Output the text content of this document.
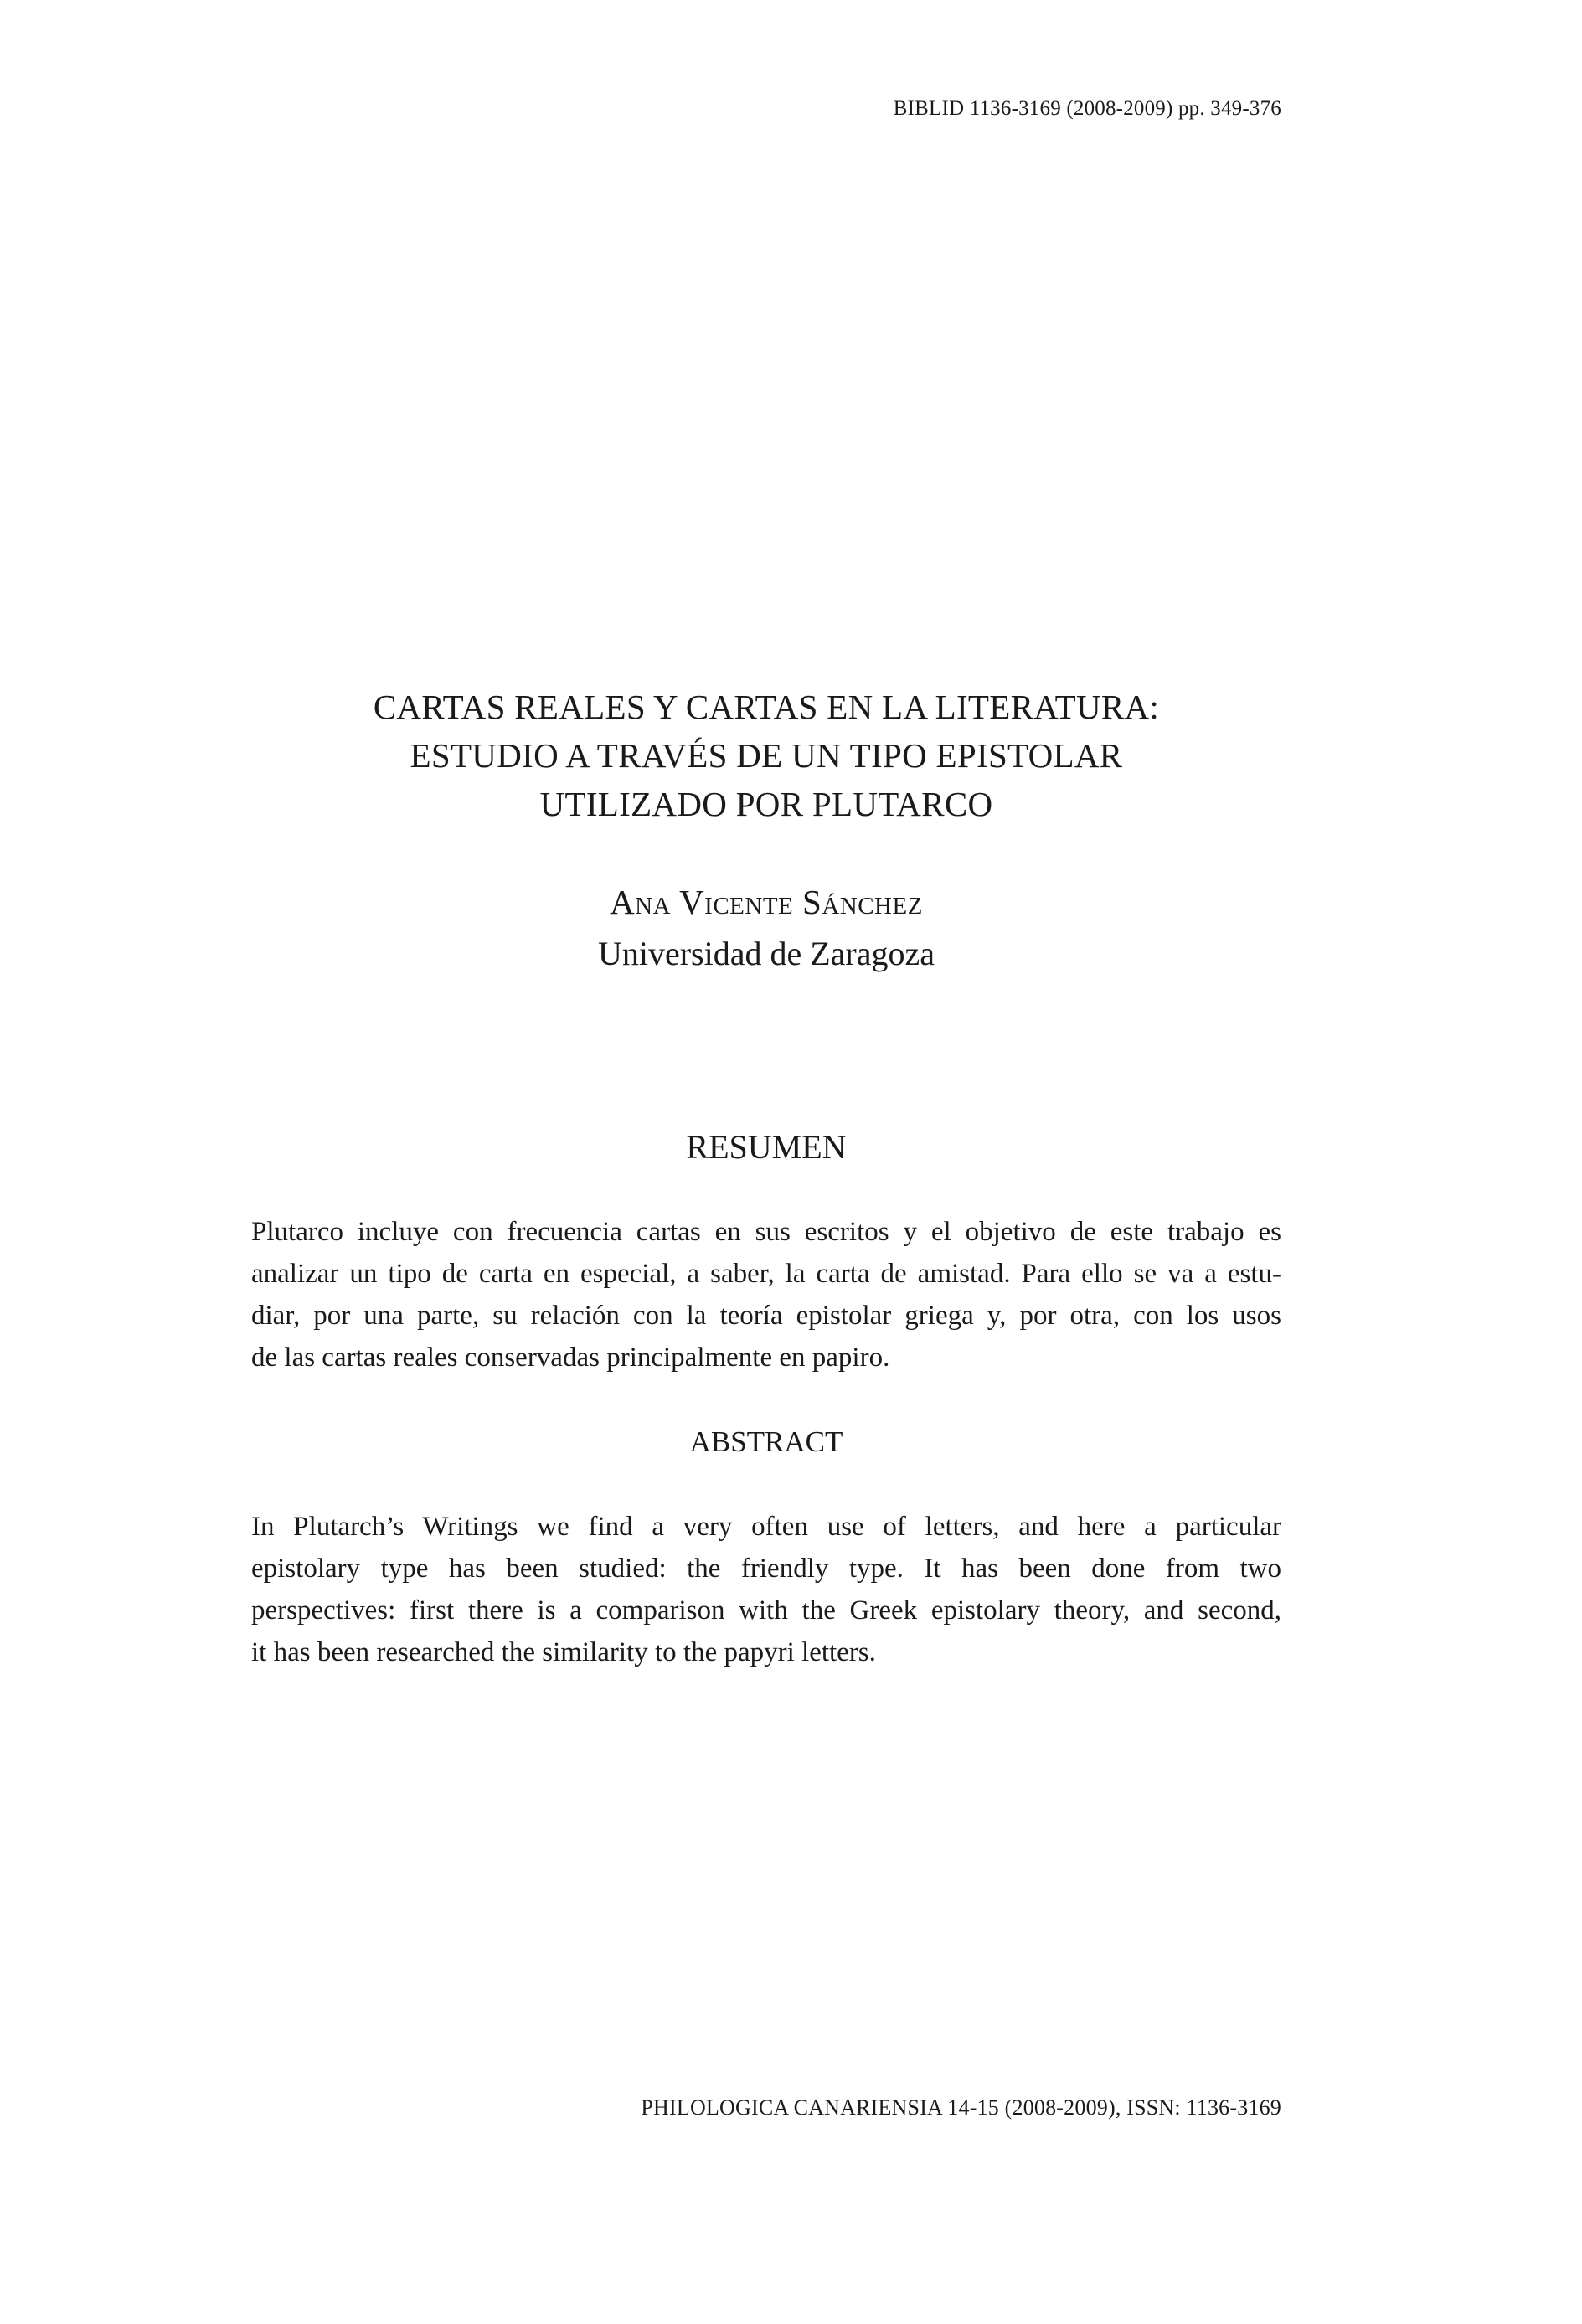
BIBLID 1136-3169 (2008-2009) pp. 349-376
CARTAS REALES Y CARTAS EN LA LITERATURA:
ESTUDIO A TRAVÉS DE UN TIPO EPISTOLAR
UTILIZADO POR PLUTARCO
Ana Vicente Sánchez
Universidad de Zaragoza
RESUMEN
Plutarco incluye con frecuencia cartas en sus escritos y el objetivo de este trabajo es
analizar un tipo de carta en especial, a saber, la carta de amistad. Para ello se va a estu-
diar, por una parte, su relación con la teoría epistolar griega y, por otra, con los usos
de las cartas reales conservadas principalmente en papiro.
ABSTRACT
In Plutarch’s Writings we find a very often use of letters, and here a particular
epistolary type has been studied: the friendly type. It has been done from two
perspectives: first there is a comparison with the Greek epistolary theory, and second,
it has been researched the similarity to the papyri letters.
PHILOLOGICA CANARIENSIA 14-15 (2008-2009), ISSN: 1136-3169
